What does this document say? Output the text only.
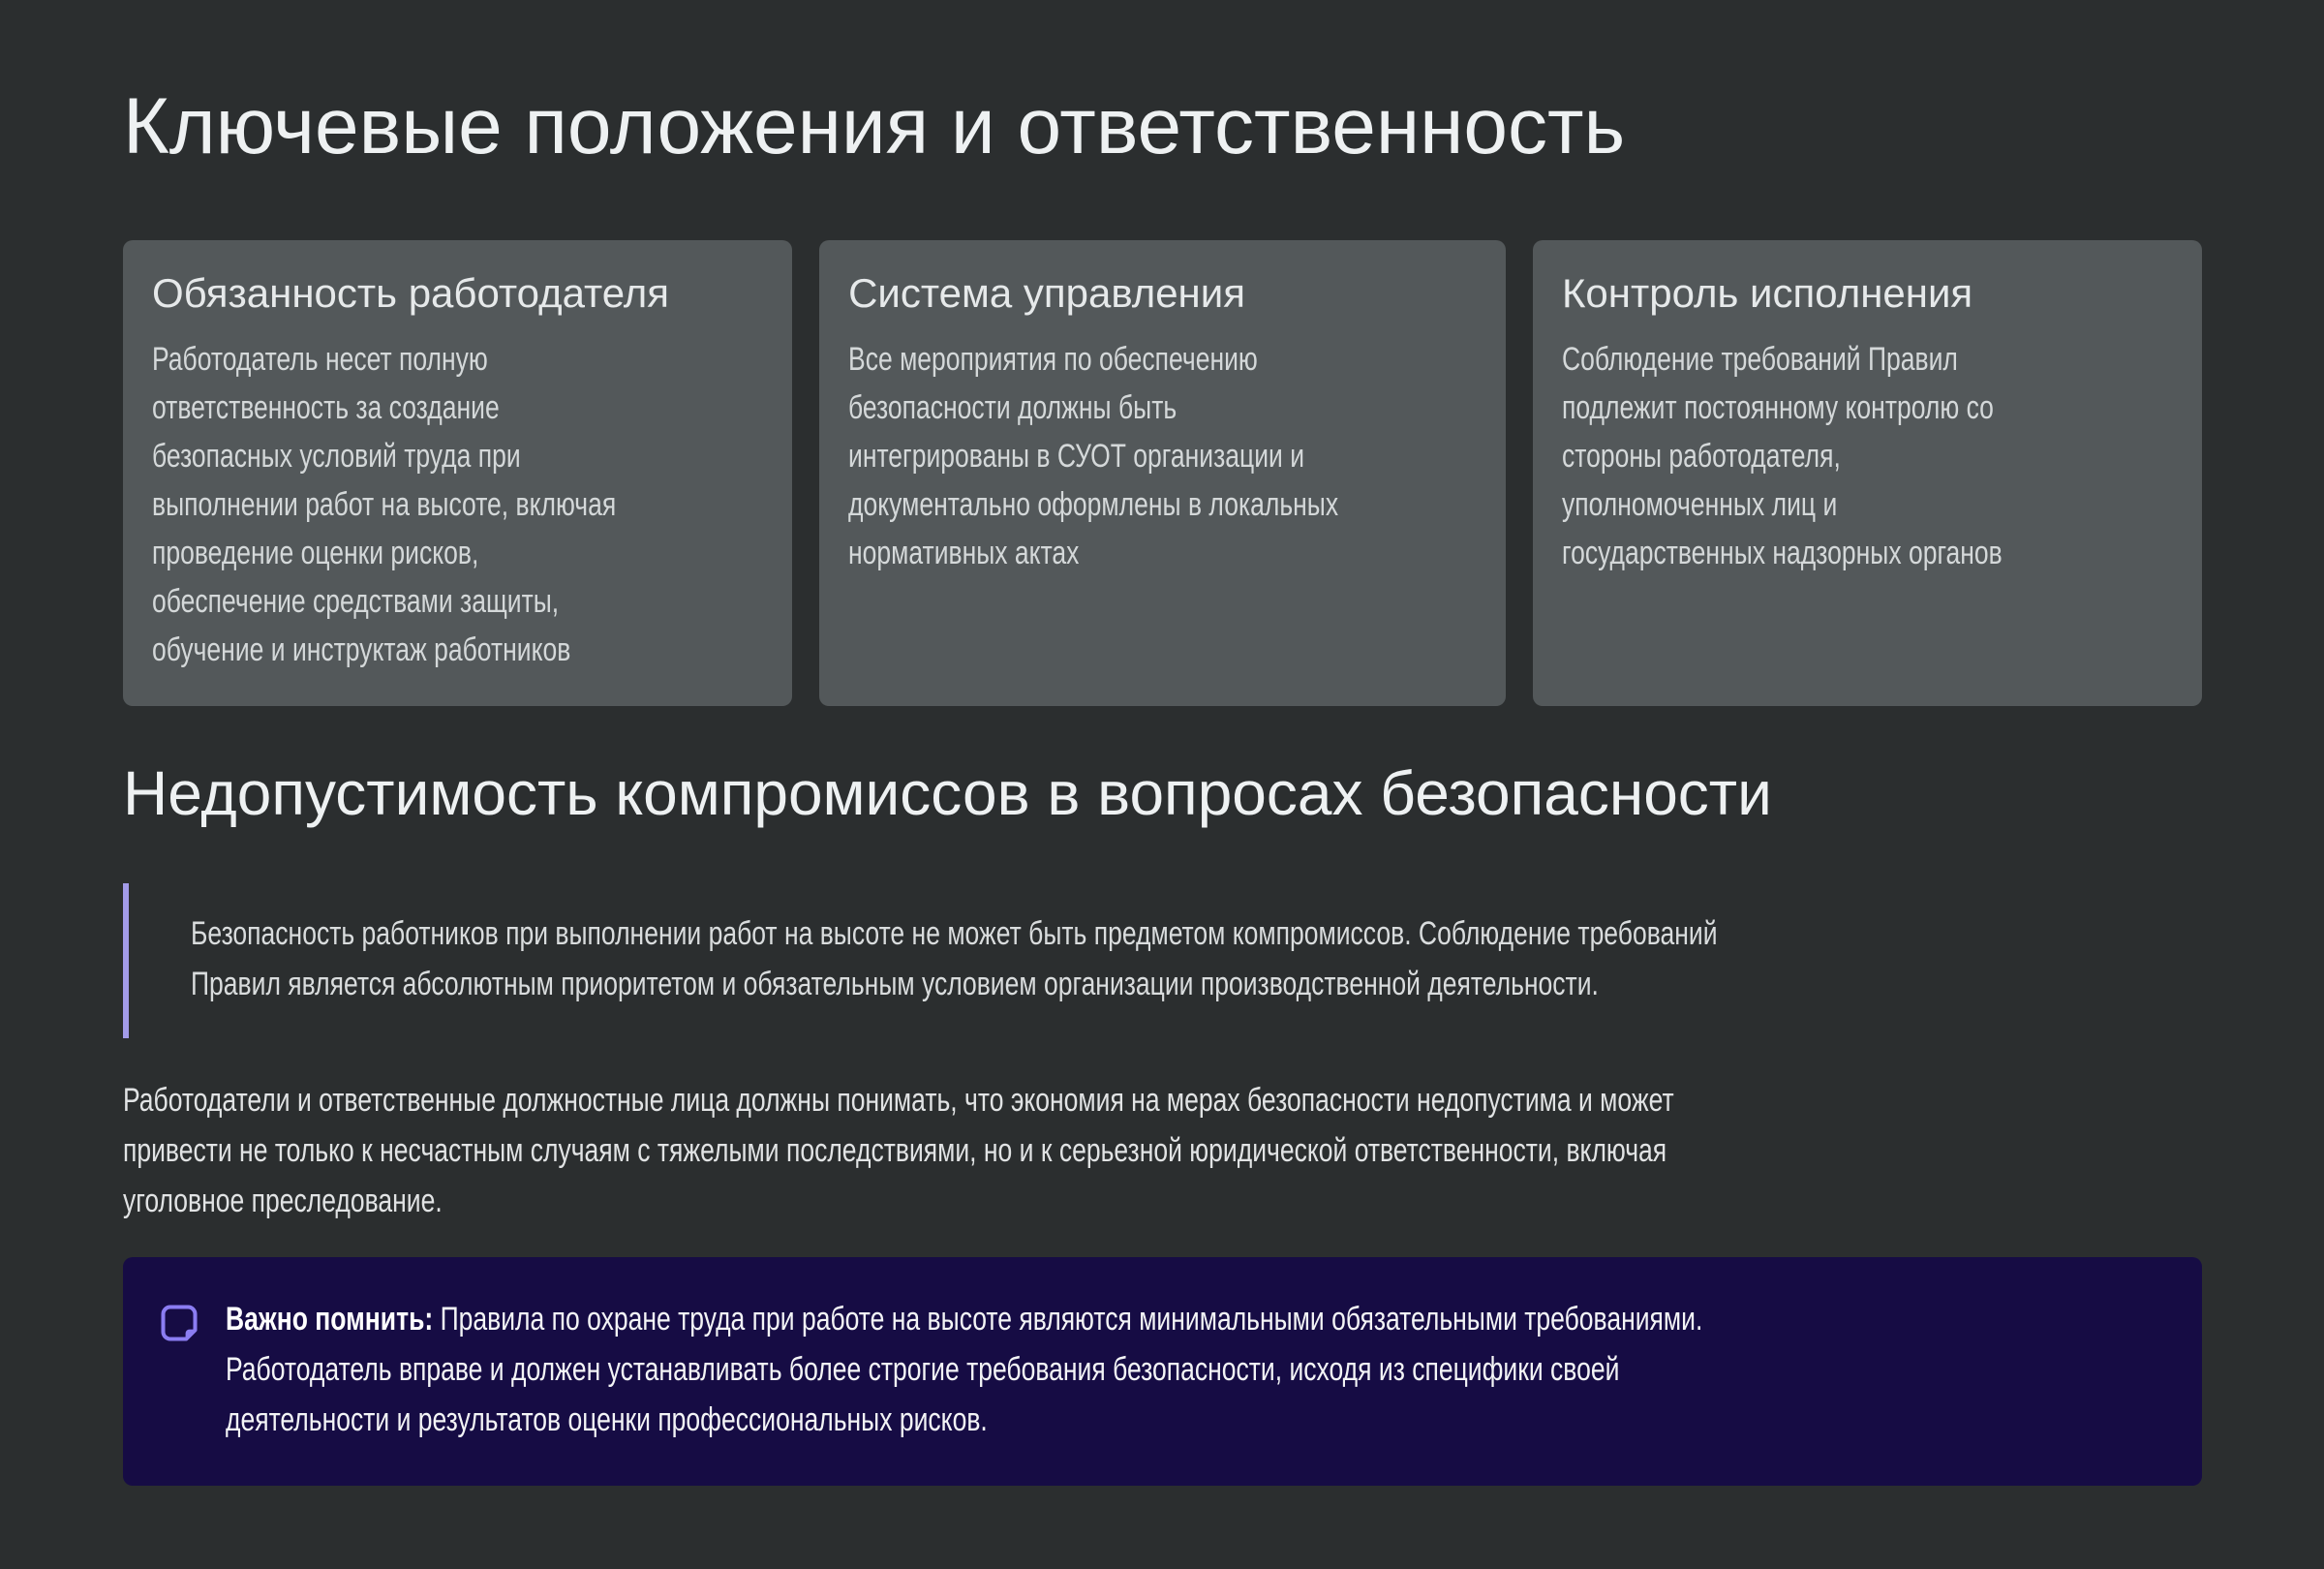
Ключевые положения и ответственность
Обязанность работодателя
Работодатель несет полную
ответственность за создание
безопасных условий труда при
выполнении работ на высоте, включая
проведение оценки рисков,
обеспечение средствами защиты,
обучение и инструктаж работников
Система управления
Все мероприятия по обеспечению
безопасности должны быть
интегрированы в СУОТ организации и
документально оформлены в локальных
нормативных актах
Контроль исполнения
Соблюдение требований Правил
подлежит постоянному контролю со
стороны работодателя,
уполномоченных лиц и
государственных надзорных органов
Недопустимость компромиссов в вопросах безопасности
Безопасность работников при выполнении работ на высоте не может быть предметом компромиссов. Соблюдение требований
Правил является абсолютным приоритетом и обязательным условием организации производственной деятельности.
Работодатели и ответственные должностные лица должны понимать, что экономия на мерах безопасности недопустима и может
привести не только к несчастным случаям с тяжелыми последствиями, но и к серьезной юридической ответственности, включая
уголовное преследование.
Важно помнить: Правила по охране труда при работе на высоте являются минимальными обязательными требованиями.
Работодатель вправе и должен устанавливать более строгие требования безопасности, исходя из специфики своей
деятельности и результатов оценки профессиональных рисков.
